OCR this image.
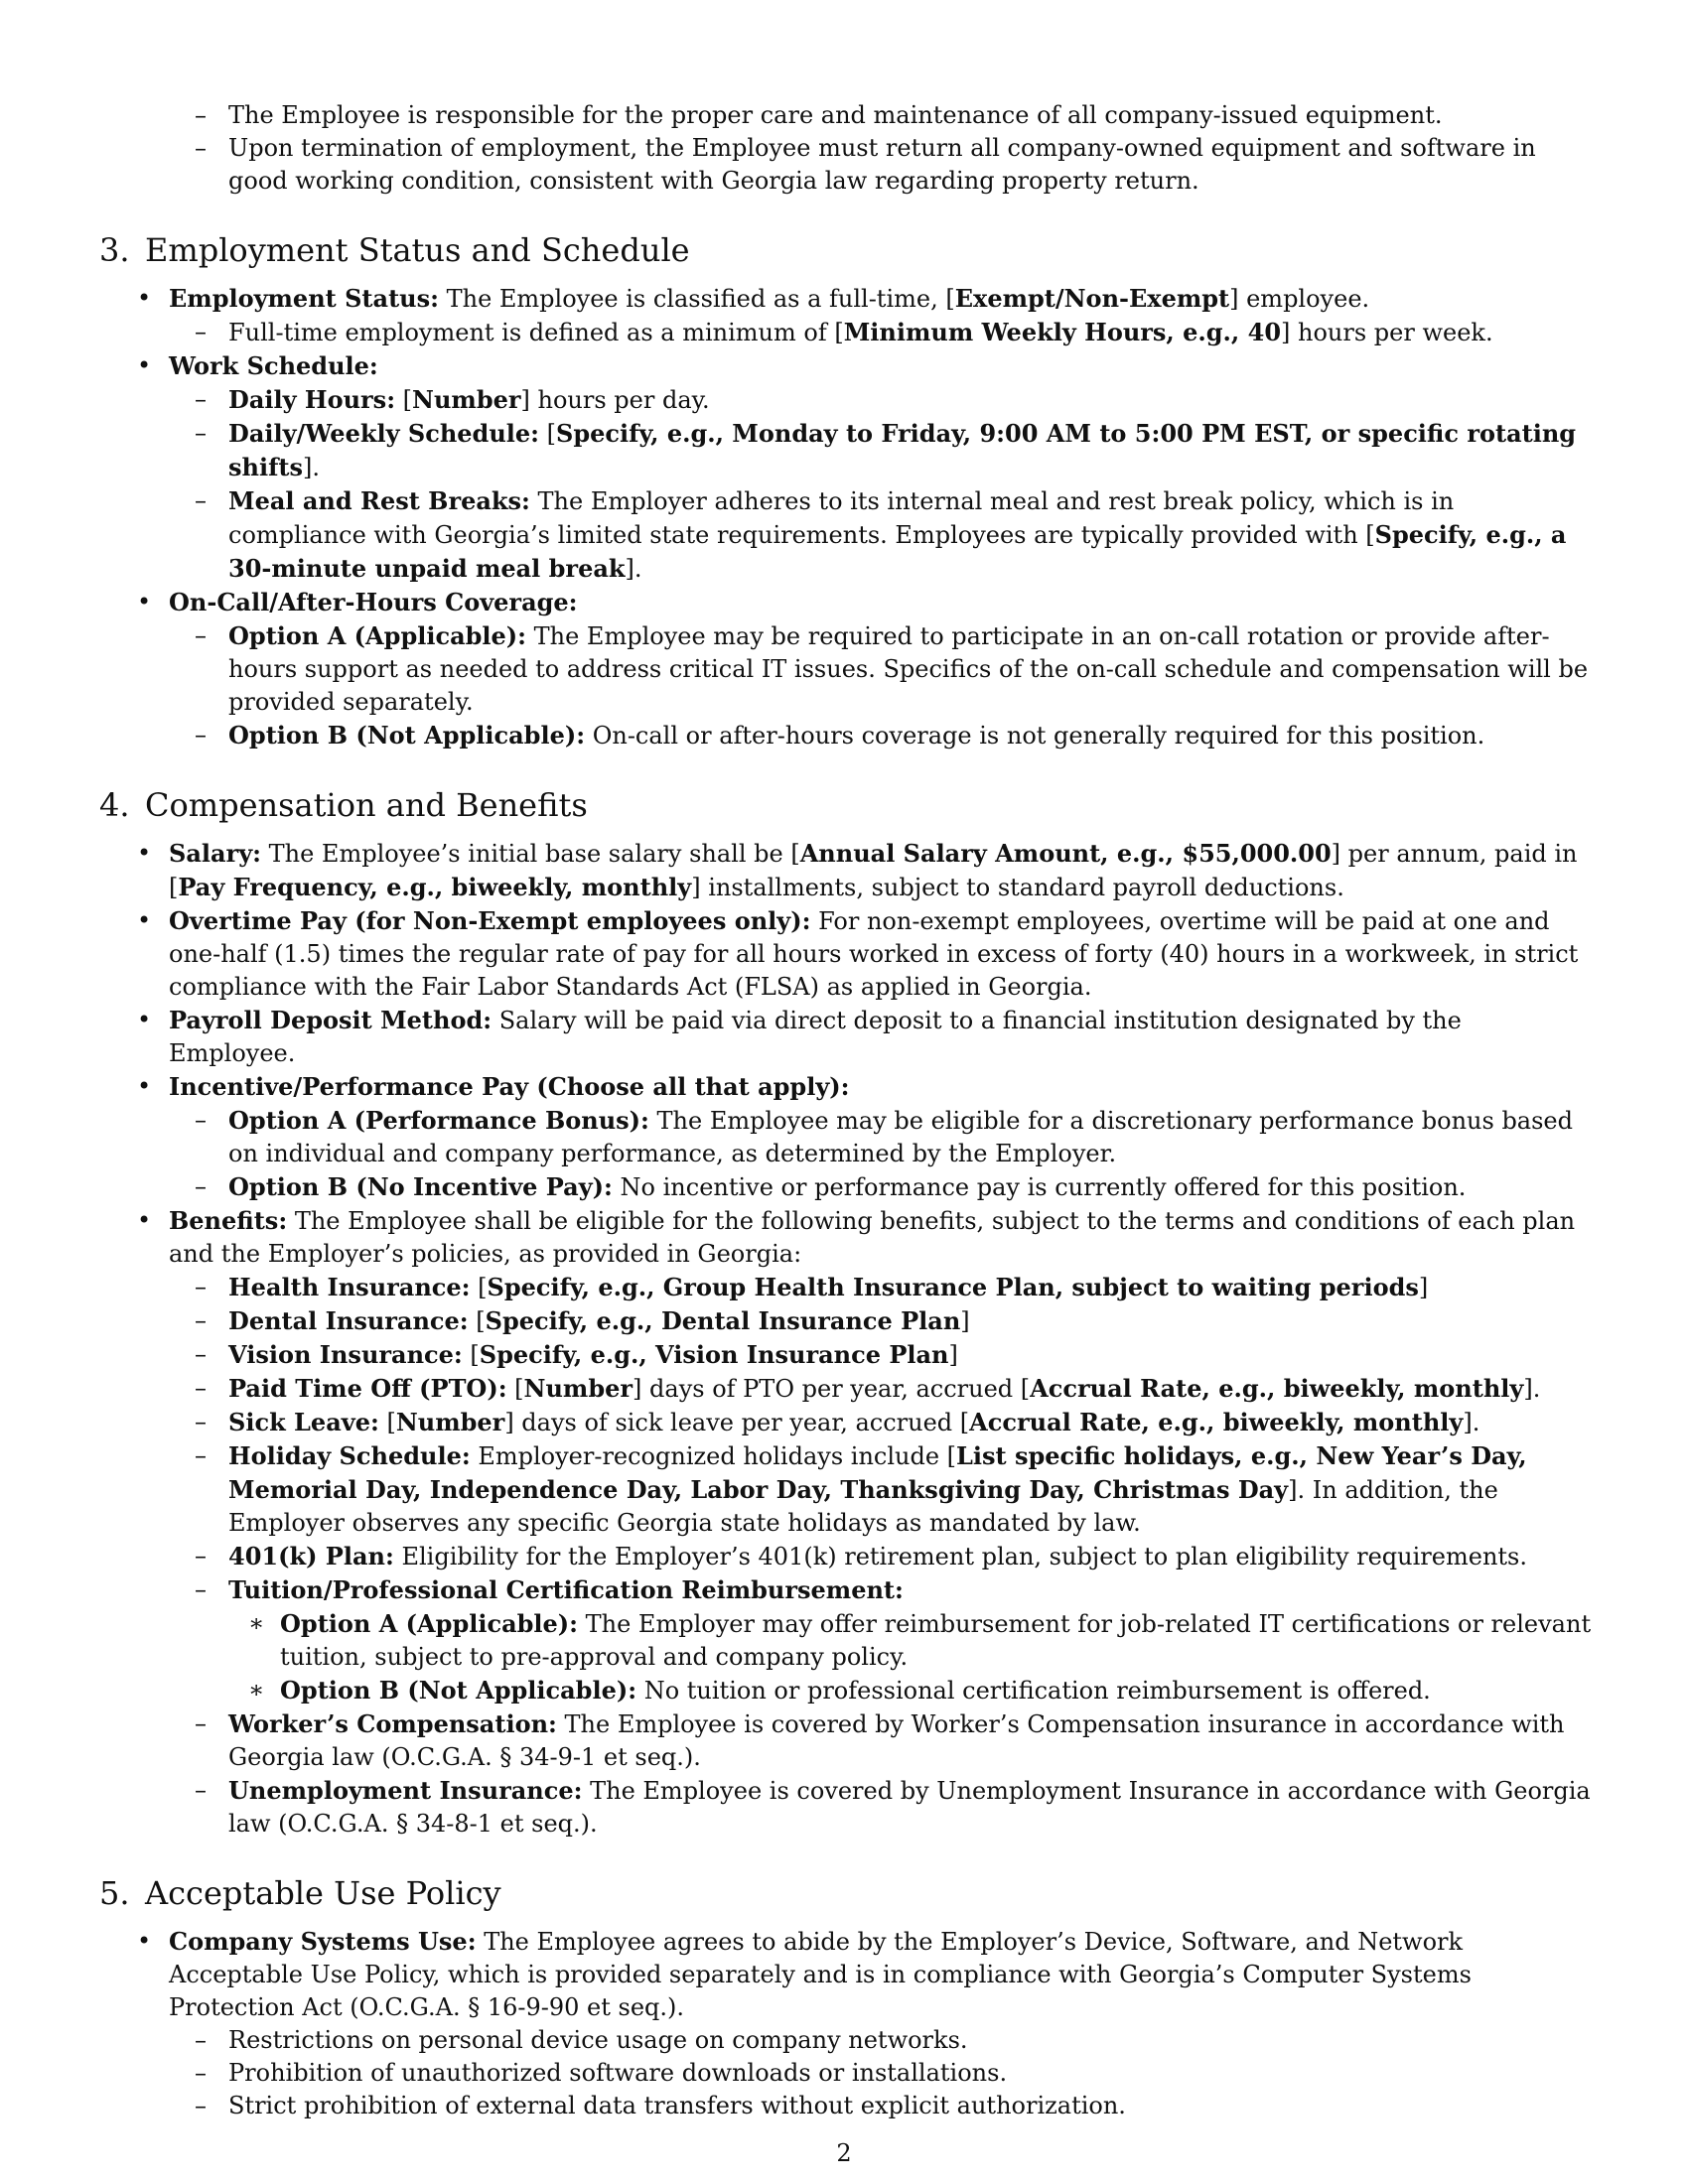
– The Employee is responsible for the proper care and maintenance of all company-issued equipment.
– Upon termination of employment, the Employee must return all company-owned equipment and software in good working condition, consistent with Georgia law regarding property return.
3. Employment Status and Schedule
• Employment Status: The Employee is classified as a full-time, [Exempt/Non-Exempt] employee.
– Full-time employment is defined as a minimum of [Minimum Weekly Hours, e.g., 40] hours per week.
• Work Schedule:
– Daily Hours: [Number] hours per day.
– Daily/Weekly Schedule: [Specify, e.g., Monday to Friday, 9:00 AM to 5:00 PM EST, or specific rotating shifts].
– Meal and Rest Breaks: The Employer adheres to its internal meal and rest break policy, which is in compliance with Georgia’s limited state requirements. Employees are typically provided with [Specify, e.g., a 30-minute unpaid meal break].
• On-Call/After-Hours Coverage:
– Option A (Applicable): The Employee may be required to participate in an on-call rotation or provide after-hours support as needed to address critical IT issues. Specifics of the on-call schedule and compensation will be provided separately.
– Option B (Not Applicable): On-call or after-hours coverage is not generally required for this position.
4. Compensation and Benefits
• Salary: The Employee’s initial base salary shall be [Annual Salary Amount, e.g., $55,000.00] per annum, paid in [Pay Frequency, e.g., biweekly, monthly] installments, subject to standard payroll deductions.
• Overtime Pay (for Non-Exempt employees only): For non-exempt employees, overtime will be paid at one and one-half (1.5) times the regular rate of pay for all hours worked in excess of forty (40) hours in a workweek, in strict compliance with the Fair Labor Standards Act (FLSA) as applied in Georgia.
• Payroll Deposit Method: Salary will be paid via direct deposit to a financial institution designated by the Employee.
• Incentive/Performance Pay (Choose all that apply):
– Option A (Performance Bonus): The Employee may be eligible for a discretionary performance bonus based on individual and company performance, as determined by the Employer.
– Option B (No Incentive Pay): No incentive or performance pay is currently offered for this position.
• Benefits: The Employee shall be eligible for the following benefits, subject to the terms and conditions of each plan and the Employer’s policies, as provided in Georgia:
– Health Insurance: [Specify, e.g., Group Health Insurance Plan, subject to waiting periods]
– Dental Insurance: [Specify, e.g., Dental Insurance Plan]
– Vision Insurance: [Specify, e.g., Vision Insurance Plan]
– Paid Time Off (PTO): [Number] days of PTO per year, accrued [Accrual Rate, e.g., biweekly, monthly].
– Sick Leave: [Number] days of sick leave per year, accrued [Accrual Rate, e.g., biweekly, monthly].
– Holiday Schedule: Employer-recognized holidays include [List specific holidays, e.g., New Year’s Day, Memorial Day, Independence Day, Labor Day, Thanksgiving Day, Christmas Day]. In addition, the Employer observes any specific Georgia state holidays as mandated by law.
– 401(k) Plan: Eligibility for the Employer’s 401(k) retirement plan, subject to plan eligibility requirements.
– Tuition/Professional Certification Reimbursement:
∗ Option A (Applicable): The Employer may offer reimbursement for job-related IT certifications or relevant tuition, subject to pre-approval and company policy.
∗ Option B (Not Applicable): No tuition or professional certification reimbursement is offered.
– Worker’s Compensation: The Employee is covered by Worker’s Compensation insurance in accordance with Georgia law (O.C.G.A. § 34-9-1 et seq.).
– Unemployment Insurance: The Employee is covered by Unemployment Insurance in accordance with Georgia law (O.C.G.A. § 34-8-1 et seq.).
5. Acceptable Use Policy
• Company Systems Use: The Employee agrees to abide by the Employer’s Device, Software, and Network Acceptable Use Policy, which is provided separately and is in compliance with Georgia’s Computer Systems Protection Act (O.C.G.A. § 16-9-90 et seq.).
– Restrictions on personal device usage on company networks.
– Prohibition of unauthorized software downloads or installations.
– Strict prohibition of external data transfers without explicit authorization.
2
